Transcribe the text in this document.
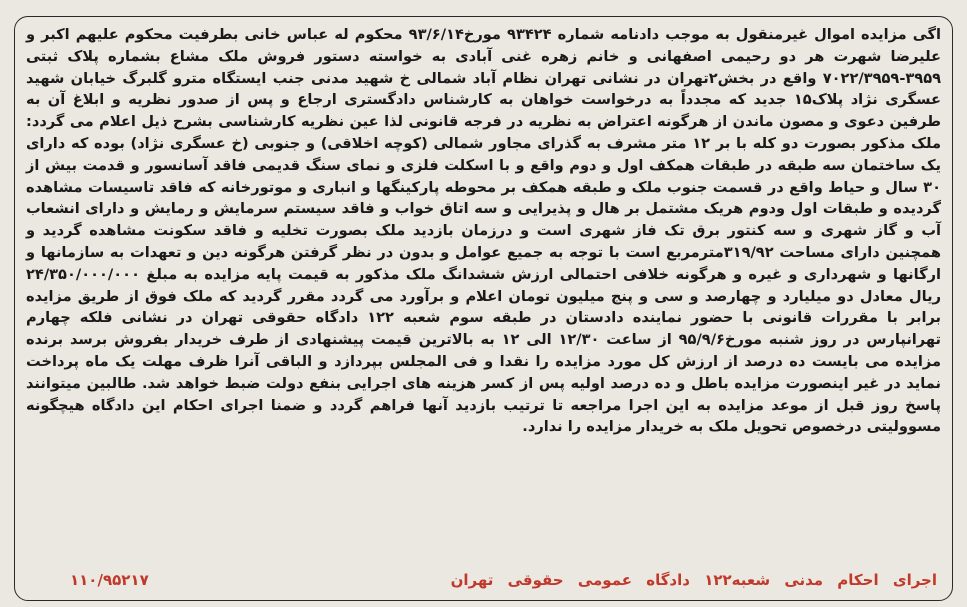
اگی مزایده اموال غیرمنقول به موجب دادنامه شماره ۹۳۴۲۴ مورخ۹۳/۶/۱۴ محکوم له عباس خانی بطرفیت محکوم علیهم اکبر و علیرضا شهرت هر دو رحیمی اصفهانی و خانم زهره غنی آبادی به خواسته دستور فروش ملک مشاع بشماره پلاک ثبتی ۳۹۵۹-۷۰۲۲/۳۹۵۹ واقع در بخش۲تهران در نشانی تهران نظام آباد شمالی خ شهید مدنی جنب ایستگاه مترو گلبرگ خیابان شهید عسگری نژاد پلاک۱۵ جدید که مجدداً به درخواست خواهان به کارشناس دادگستری ارجاع و پس از صدور نظریه و ابلاغ آن به طرفین دعوی و مصون ماندن از هرگونه اعتراض به نظریه در فرجه قانونی لذا عین نظریه کارشناسی بشرح ذیل اعلام می گردد: ملک مذکور بصورت دو کله با بر ۱۲ متر مشرف به گذرای مجاور شمالی (کوچه اخلاقی) و جنوبی (خ عسگری نژاد) بوده که دارای یک ساختمان سه طبقه در طبقات همکف اول و دوم واقع و با اسکلت فلزی و نمای سنگ قدیمی فاقد آسانسور و قدمت بیش از ۳۰ سال و حیاط واقع در قسمت جنوب ملک و طبقه همکف بر محوطه پارکینگها و انباری و موتورخانه که فاقد تاسیسات مشاهده گردیده و طبقات اول ودوم هریک مشتمل بر هال و پذیرایی و سه اتاق خواب و فاقد سیستم سرمایش و رمایش و دارای انشعاب آب و گاز شهری و سه کنتور برق تک فاز شهری است و درزمان بازدید ملک بصورت تخلیه و فاقد سکونت مشاهده گردید و همچنین دارای مساحت ۳۱۹/۹۲مترمربع است با توجه به جمیع عوامل و بدون در نظر گرفتن هرگونه دین و تعهدات به سازمانها و ارگانها و شهرداری و غیره و هرگونه خلافی احتمالی ارزش ششدانگ ملک مذکور به قیمت پایه مزایده به مبلغ ۲۴/۳۵۰/۰۰۰/۰۰۰ ریال معادل دو میلیارد و چهارصد و سی و پنج میلیون تومان اعلام و برآورد می گردد مقرر گردید که ملک فوق از طریق مزایده برابر با مقررات قانونی با حضور نماینده دادستان در طبقه سوم شعبه ۱۲۲ دادگاه حقوقی تهران در نشانی فلکه چهارم تهرانپارس در روز شنبه مورخ۹۵/۹/۶ از ساعت ۱۲/۳۰ الی ۱۲ به بالاترین قیمت پیشنهادی از طرف خریدار بفروش برسد برنده مزایده می بایست ده درصد از ارزش کل مورد مزایده را نقدا و فی المجلس بپردازد و الباقی آنرا ظرف مهلت یک ماه پرداخت نماید در غیر اینصورت مزایده باطل و ده درصد اولیه پس از کسر هزینه های اجرایی بنفع دولت ضبط خواهد شد. طالبین میتوانند پاسخ روز قبل از موعد مزایده به این اجرا مراجعه تا ترتیب بازدید آنها فراهم گردد و ضمنا اجرای احکام این دادگاه هیچگونه مسوولیتی درخصوص تحویل ملک به خریدار مزایده را ندارد.

اجرای احکام مدنی شعبه۱۲۲ دادگاه عمومی حقوقی تهران
۱۱۰/۹۵۲۱۷
